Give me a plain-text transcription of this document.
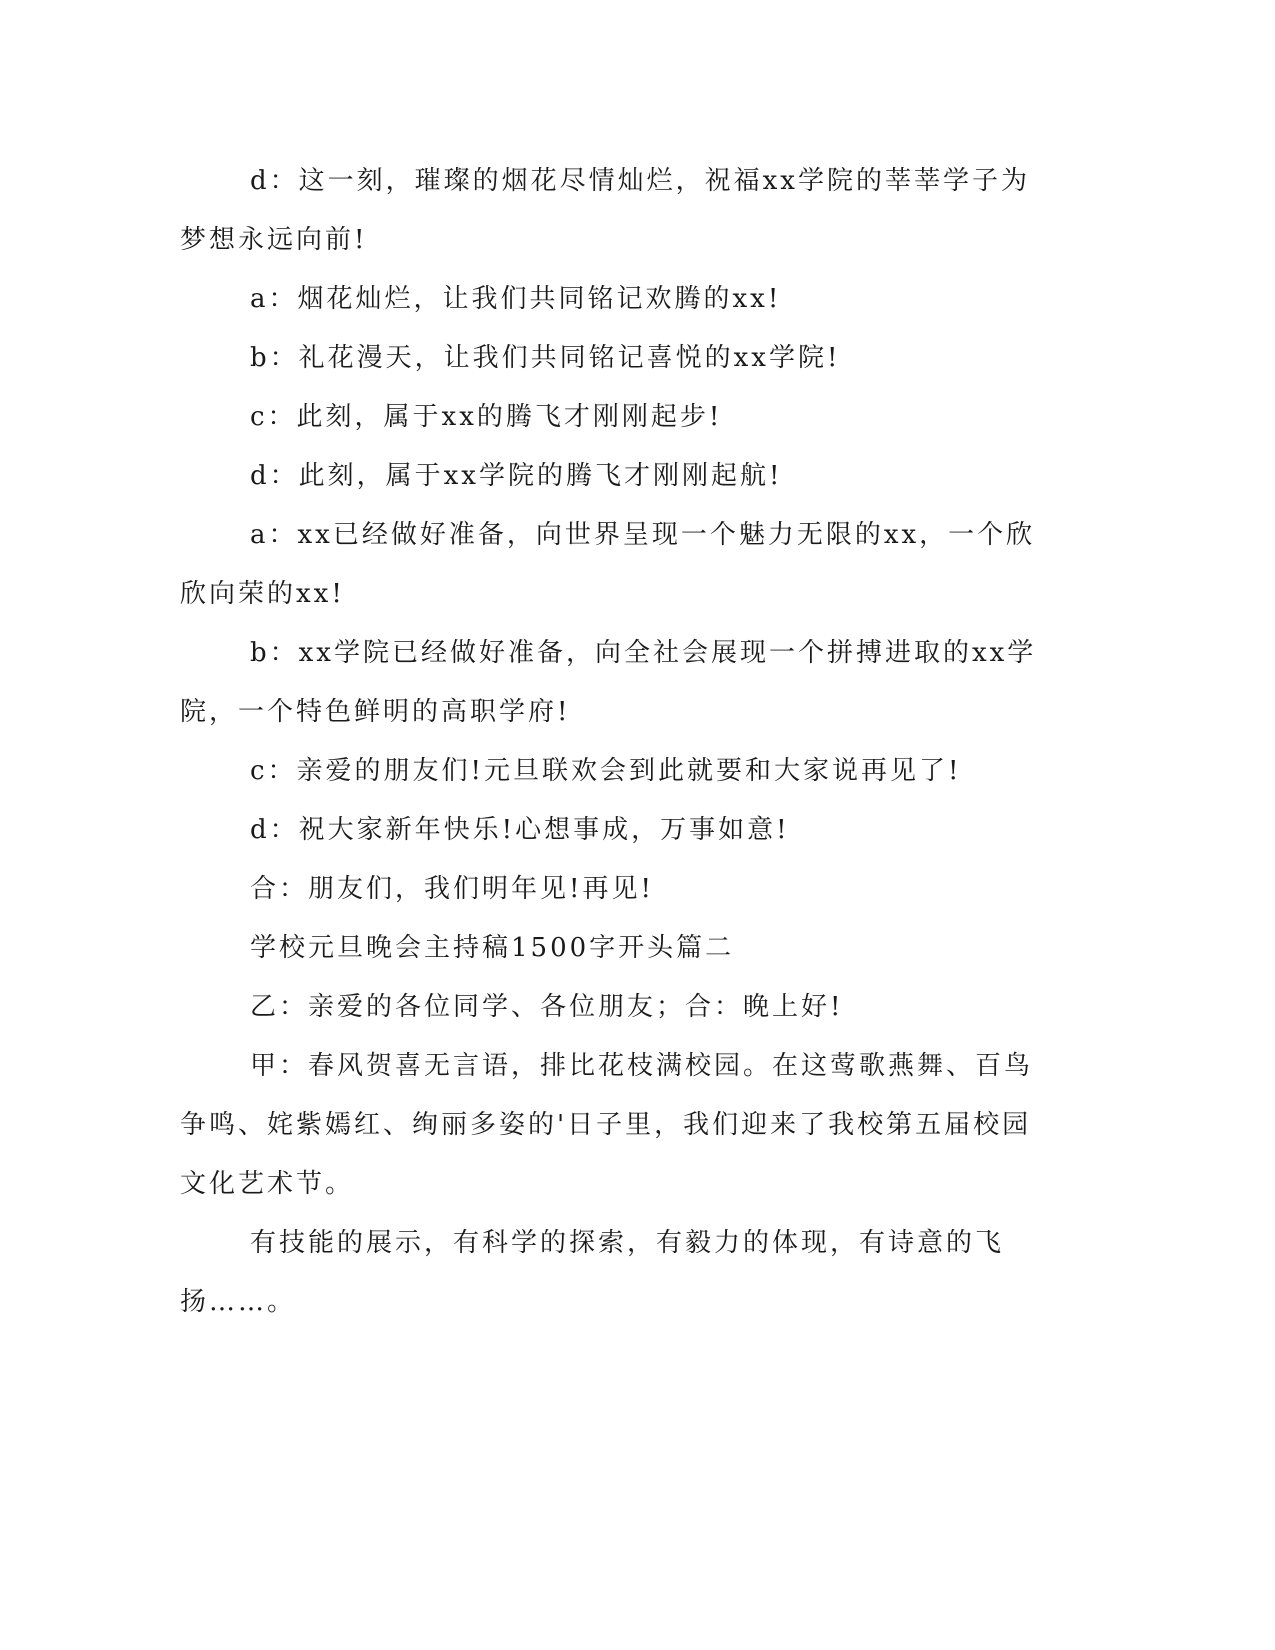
d：这一刻，璀璨的烟花尽情灿烂，祝福xx学院的莘莘学子为梦想永远向前!

a：烟花灿烂，让我们共同铭记欢腾的xx!

b：礼花漫天，让我们共同铭记喜悦的xx学院!

c：此刻，属于xx的腾飞才刚刚起步!

d：此刻，属于xx学院的腾飞才刚刚起航!

a：xx已经做好准备，向世界呈现一个魅力无限的xx，一个欣欣向荣的xx!

b：xx学院已经做好准备，向全社会展现一个拼搏进取的xx学院，一个特色鲜明的高职学府!

c：亲爱的朋友们!元旦联欢会到此就要和大家说再见了!

d：祝大家新年快乐!心想事成，万事如意!

合：朋友们，我们明年见!再见!

学校元旦晚会主持稿1500字开头篇二

乙：亲爱的各位同学、各位朋友；合：晚上好!

甲：春风贺喜无言语，排比花枝满校园。在这莺歌燕舞、百鸟争鸣、姹紫嫣红、绚丽多姿的'日子里，我们迎来了我校第五届校园文化艺术节。

有技能的展示，有科学的探索，有毅力的体现，有诗意的飞扬……。
